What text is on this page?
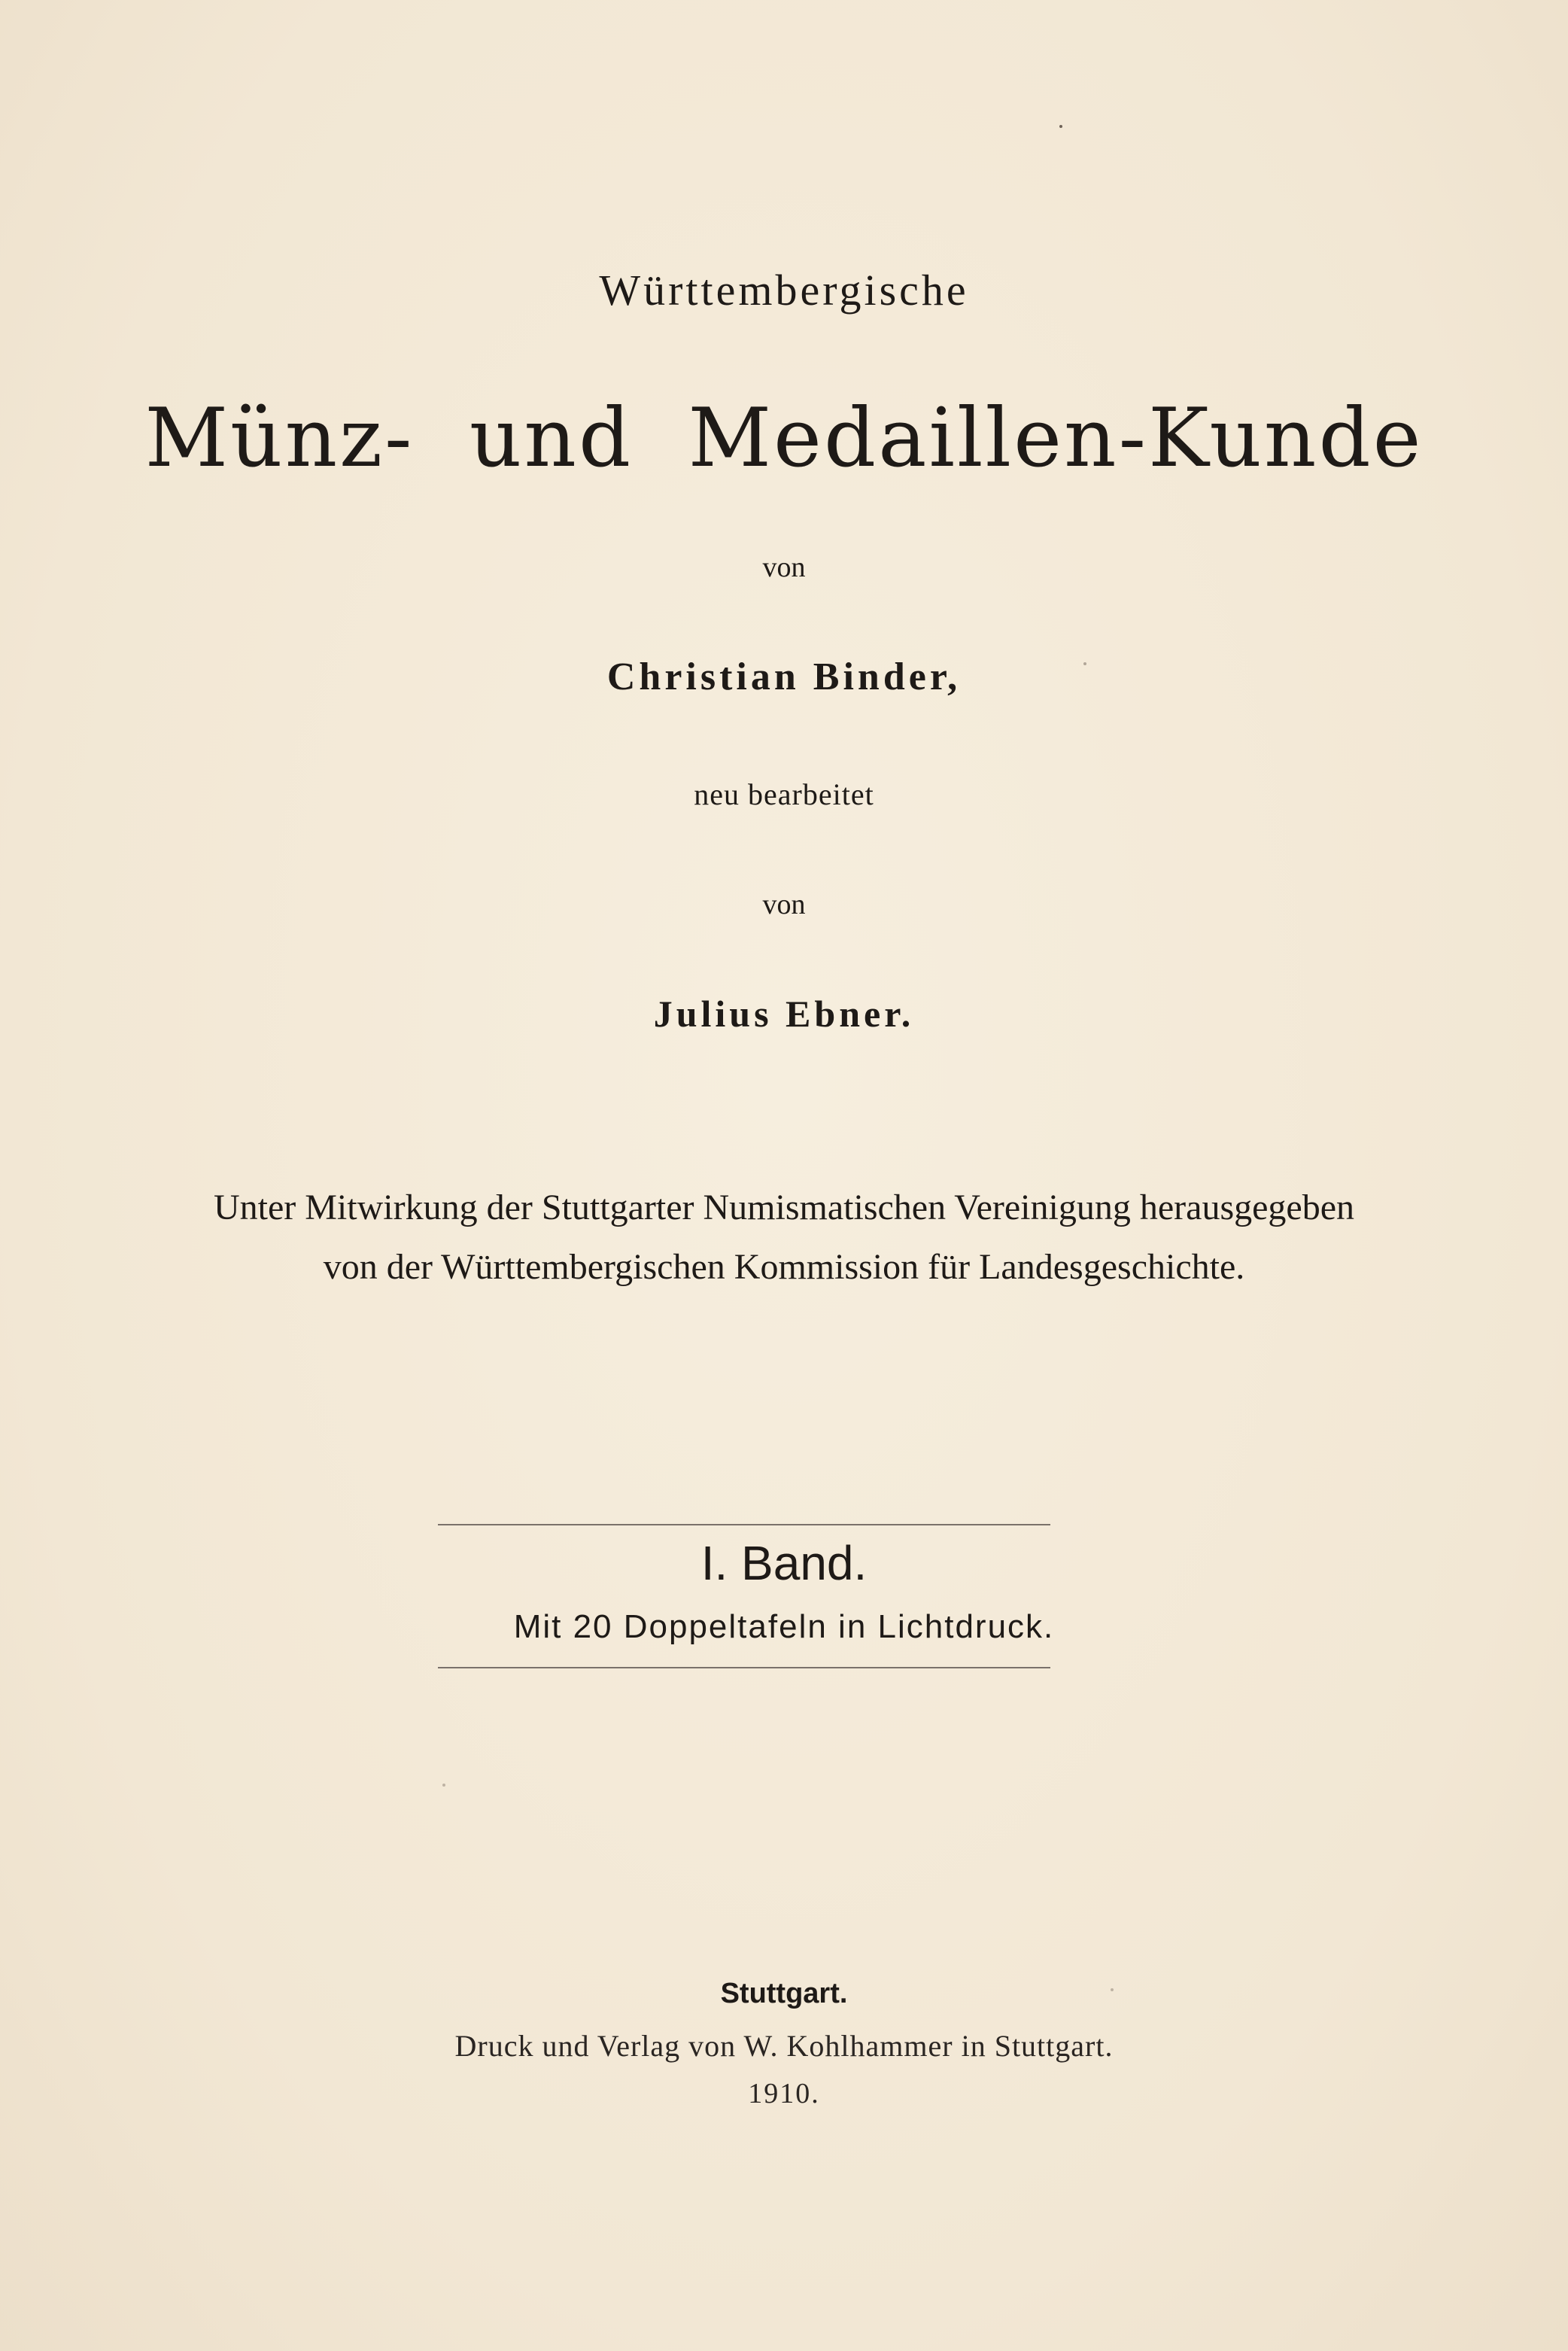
Württembergische

Münz- und Medaillen-Kunde

von

Christian Binder,

neu bearbeitet

von

Julius Ebner.

Unter Mitwirkung der Stuttgarter Numismatischen Vereinigung herausgegeben

von der Württembergischen Kommission für Landesgeschichte.

I. Band.

Mit 20 Doppeltafeln in Lichtdruck.

Stuttgart.

Druck und Verlag von W. Kohlhammer in Stuttgart.

1910.
